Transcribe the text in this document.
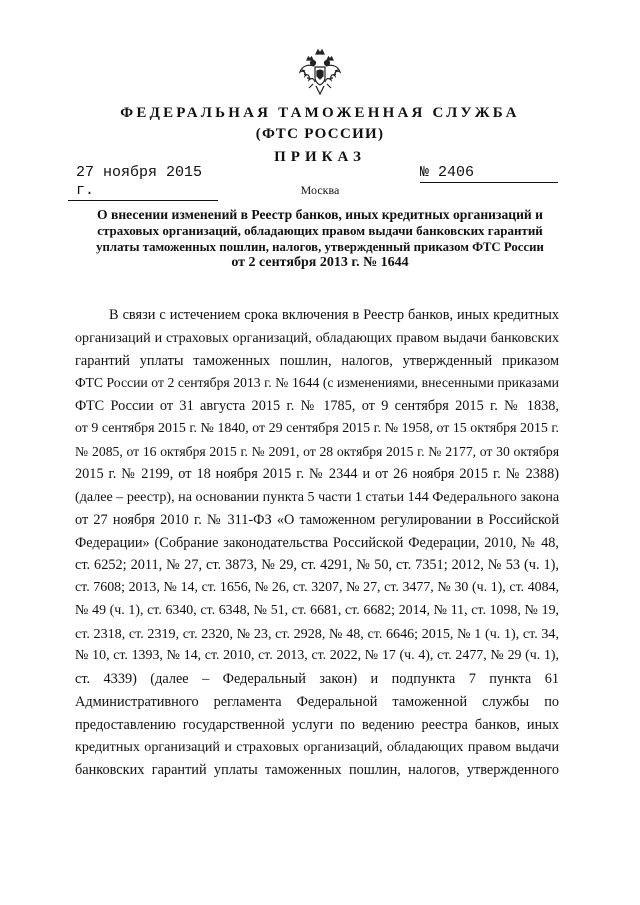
ФЕДЕРАЛЬНАЯ ТАМОЖЕННАЯ СЛУЖБА
(ФТС РОССИИ)
ПРИКАЗ
27 ноября 2015 г.
№ 2406
Москва
О внесении изменений в Реестр банков, иных кредитных организаций и
страховых организаций, обладающих правом выдачи банковских гарантий
уплаты таможенных пошлин, налогов, утвержденный приказом ФТС России
от 2 сентября 2013 г. № 1644
В связи с истечением срока включения в Реестр банков, иных кредитных
организаций и страховых организаций, обладающих правом выдачи банковских
гарантий уплаты таможенных пошлин, налогов, утвержденный приказом
ФТС России от 2 сентября 2013 г. № 1644 (с изменениями, внесенными приказами
ФТС России от 31 августа 2015 г. № 1785, от 9 сентября 2015 г. № 1838,
от 9 сентября 2015 г. № 1840, от 29 сентября 2015 г. № 1958, от 15 октября 2015 г.
№ 2085, от 16 октября 2015 г. № 2091, от 28 октября 2015 г. № 2177, от 30 октября
2015 г. № 2199, от 18 ноября 2015 г. № 2344 и от 26 ноября 2015 г. № 2388)
(далее – реестр), на основании пункта 5 части 1 статьи 144 Федерального закона
от 27 ноября 2010 г. № 311-ФЗ «О таможенном регулировании в Российской
Федерации» (Собрание законодательства Российской Федерации, 2010, № 48,
ст. 6252; 2011, № 27, ст. 3873, № 29, ст. 4291, № 50, ст. 7351; 2012, № 53 (ч. 1),
ст. 7608; 2013, № 14, ст. 1656, № 26, ст. 3207, № 27, ст. 3477, № 30 (ч. 1), ст. 4084,
№ 49 (ч. 1), ст. 6340, ст. 6348, № 51, ст. 6681, ст. 6682; 2014, № 11, ст. 1098, № 19,
ст. 2318, ст. 2319, ст. 2320, № 23, ст. 2928, № 48, ст. 6646; 2015, № 1 (ч. 1), ст. 34,
№ 10, ст. 1393, № 14, ст. 2010, ст. 2013, ст. 2022, № 17 (ч. 4), ст. 2477, № 29 (ч. 1),
ст. 4339) (далее – Федеральный закон) и подпункта 7 пункта 61
Административного регламента Федеральной таможенной службы по
предоставлению государственной услуги по ведению реестра банков, иных
кредитных организаций и страховых организаций, обладающих правом выдачи
банковских гарантий уплаты таможенных пошлин, налогов, утвержденного
